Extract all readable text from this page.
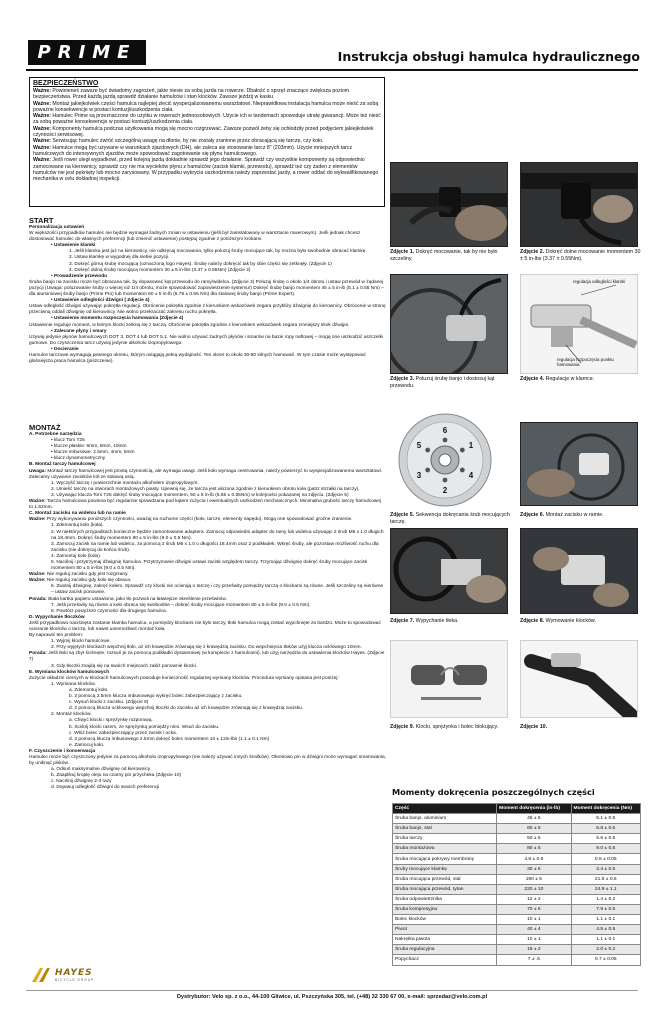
PRIME	Instrukcja obsługi hamulca hydraulicznego
BEZPIECZEŃSTWO

Ważne: Powinieneś zawsze być świadomy zagrożeń, jakie niesie za sobą jazda na rowerze. Dbałość o sprzęt znacząco zwiększa poziom bezpieczeństwa. Przed każdą jazdą sprawdź działanie hamulców i stan klocków. Zawsze jeździj w kasku.

Ważne: Montaż jakiejkolwiek części hamulca najlepiej zlecić wyspecjalizowanemu warsztatowi. Nieprawidłowa instalacja hamulca może nieść za sobą poważne konsekwencje w postaci kontuzji/uszkodzenia ciała.

Ważne: Hamulec Prime są przeznaczone do użytku w rowerach jednoosobowych. Użycie ich w tandemach spowoduje utratę gwarancji. Może też nieść za sobą poważne konsekwencje w postaci kontuzji/uszkodzenia ciała.

Ważne: Komponenty hamulca podczas użytkowania mogą się mocno rozgrzewać. Zawsze pozwól żeby się ochłodziły przed podjęciem jakiejkolwiek czynności serwisowej.

Ważne: Serwisując hamulec zwróć szczególną uwagę na dłonie, by nie zostały zranione przez obracającą się tarczę, czy koło.

Ważne: Hamulce mogą być używane w warunkach zjazdowych (DH), ale zaleca się stosowanie tarcz 8" (203mm). Użycie mniejszych tarcz hamulcowych do intensywnych zjazdów może spowodować zagotowanie się płynu hamulcowego.

Ważne: Jeśli rower uległ wypadkowi, przed kolejną jazdą dokładnie sprawdź jego działanie. Sprawdź czy wszystkie komponenty są odpowiednio zamocowane na kierownicy, sprawdź czy nie ma wycieków płynu z hamulców (zacisk klamki, przewodu), sprawdź też czy żaden z elementów hamulców nie jest pęknięty lub mocno zarysowany. W przypadku wykrycia uszkodzenia należy zaprzestać jazdy, a rower oddać do wykwalifikowanego mechanika w celu dokładnej inspekcji.

START

Personalizacja ustawień

W większości przypadków hamulec nie będzie wymagał żadnych zmian w ustawieniu (jeśli był zainstalowany w warsztacie rowerowym). Jeśli jednak chcesz dostosować hamulec do własnych preferencji (lub zmienić ustawienie) postępuj zgodnie z poniższym krokami.

• Ustawienie klamki

1. Jeśli klamka jest już na kierownicy, nie odkręcaj mocowania, tylko poluzuj śruby mocujące tak, by można było swobodnie obracać klamkę.

2. Ustaw klamkę w wygodnej dla siebie pozycji.

3. Dokręć górną śrubę mocującą (oznaczoną logo Hayes). Śrubę należy dokręcić tak by obie części się zetknęły. (Zdjęcie 1)

4. Dokręć dolną śrubę mocującą momentem 30 ± 5 in-lbs (3.37 ± 0.55Nm) (Zdjęcie 2)

• Prowadzenie przewodu

Śruba banjo na zacisku może być obracana tak, by dopasować kąt przewodu do ramy/widelca. (Zdjęcie 3) Poluzuj śrubę o około 1/4 obrotu i ustaw przewód w żądanej pozycji (Uwaga: poluzowanie śruby o więcej niż 1/4 obrotu, może spowodować zapowietrzenie systemu!) Dokręć śrubę banjo momentem 45 ± 5 in-lb (5.1 ± 0.55 Nm) – dla aluminiowej śruby banjo (Prime Pro) lub momentem 60 ± 5 in-lb (6.78 ± 0.55 Nm) dla stalowej śruby banjo (Prime Expert).

• Ustawienie odległości dźwigni ( Zdjęcie 4)

Ustaw odległość dźwigni używając pokrętła regulacji. Obrócenie pokrętła zgodnie z kierunkiem wskazówek zegara przybliży dźwignię do kierownicy. Obrócenie w stronę przeciwną oddali dźwignię od kierownicy. Nie wolno przekraczać zakresu ruchu pokrętła.

• Ustawienie momentu rozpoczęcia hamowania (Zdjęcie 4)

Ustawienie reguluje moment, w którym klocki zetkną się z tarczą. Obrócenie pokrętła zgodnie z kierunkiem wskazówek zegara zmniejszy skok dźwigni.

• Zalecane płyny i smary

Używaj jedynie płynów hamulcowych DOT 3, DOT 4 lub DOT 5.1. Nie wolno używać żadnych płynów i smarów na bazie ropy naftowej – mogą one uszkodzić uszczelki gumowe. Do czyszczenia tarcz używaj jedynie alkoholu izopropylowego.

• Docieranie

Hamulce tarczowe wymagają pewnego okresu, którym osiągają pełną wydajność. Ten okres to około 30-50 silnych hamowań. W tym czasie może występować głośniejsza praca hamulca (piszczenie).

MONTAŻ

A. Potrzebne narzędzia

• klucz Torx T25

• klucze płaskie: 6mm, 8mm, 10mm

• klucze imbusowe: 2.5mm, 4mm, 5mm

• klucz dynamometryczny

B. Montaż tarczy hamulcowej

Uwaga: Montaż tarczy hamulcowej jest prostą czynnością, ale wymaga uwagi. Jeśli koło wymaga centrowania, należy powierzyć to wyspecjalizowanemu warsztatowi. Zalecamy używanie zacisków kół ze stalową osią.

1. Wyczyść tarczę i powierzchnie montażu alkoholem izopropylowym.

2. Umieść tarczę na otworach montażowych piasty. Upewnij się, że tarcza jest ułożona zgodnie z kierunkiem obrotu koła (patrz strzałki na tarczy).

3. Używając klucza Torx T25 dokręć śruby mocujące momentem, 50 ± 5 in-lb (5.65 ± 0.55Nm) w kolejności pokazanej na zdjęciu. (Zdjęcie 5)

Ważne: Tarcza hamulcowa powinna być regularnie sprawdzana pod kątem zużycia i ewentualnych uszkodzeń mechanicznych. Minimalna grubość tarczy hamulcowej to 1.52mm.

C. Montaż zacisku na widelcu lub na ramie

Ważne: Przy wykonywaniu poniższych czynności, uważaj na ruchome części (koło, tarcze, elementy napędu). Mogą one spowodować groźne zranienie.

1. Zdemontuj koło (koła).

2. W niektórych przypadkach konieczne będzie zamontowanie adaptera. Zamocuj odpowiedni adapter do ramy lub widelca używając 2 śrub M6 x 1.0 długich na 18.4mm. Dokręć śruby momentem 80 ± 5 in-lbs (9.0 ± 0.5 Nm).

3. Zamocuj zacisk na ramie lub widelcu, za pomocą 2 śrub M6 x 1.0 o długości 18.4mm oraz 2 podkładek. Wkręć śruby, ale pozostaw możliwość ruchu dla zacisku (nie dokręcaj do końca śrub).

4. Zamontuj koło (koła).

5. Naciśnij i przytrzymaj dźwignię hamulca. Przytrzymanie dźwigni ustawi zacisk względem tarczy. Trzymając dźwignię dokręć śruby mocujące zacisk momentem 80 ± 5 in-lbs (9.0 ± 0.5 Nm).

Ważne: Nie reguluj zacisku gdy jest rozgrzany.

Ważne: Nie reguluj zacisku gdy koło się obraca.

6. Zwolnij dźwignię, zakręć kołem. Sprawdź czy klocki nie ocierają o tarczę i czy prześwity pomiędzy tarczą o klockami są równe. Jeśli szczeliny są nierówne – ustaw zacisk ponownie.

Porada: Biała kartka papieru ustawiona, jako tło pozwoli na łatwiejsze określenie prześwitów.

7. Jeśli prześwity są równe a koło obraca się swobodnie – dokręć śruby mocujące momentem 80 ± 5 in-lbs (9.0 ± 0.5 Nm).

8. Powtórz powyższe czynności dla drugiego hamulca.

D. Wypychanie tłoczków

Jeśli przypadkowo naciśnięta zostanie klamka hamulca, a pomiędzy klockami nie było tarczy, tłoki hamulca mogą zostać wypchnięte za bardzo. Może to spowodować ocieranie klocków o tarczę, lub nawet uniemożliwić montaż koła.

By naprawić ten problem:

1. Wyjmij klocki hamulcowe.

2. Przy wyjętych klockach wepchnij tłoki, aż ich krawędzie zrównają się z krawędzią zacisku. Do wepchnięcia tłoków użyj klucza ocklowego 10mm.

Porada: Jeśli tłoki są zbyt ściśnięte, rozsuń je za pomocą podkładki dystansowej (w komplecie z hamulcami), lub użyj narzędzia do ustawienia klocków Hayes. (Zdjęcie 7)

3. Gdy tłoczki znajdą się na swoich miejscach załóż ponownie klocki.

E. Wymiana klocków hamulcowych

Zużycie okładzin ciernych w klockach hamulcowych powoduje konieczność regularnej wymiany klocków. Procedura wymiany opisana jest poniżej:

1. Wymiana klocków.

a. Zdemontuj koło.

b. 2 pomocą 2.5mm klucza imbusowego wykręć bolec zabezpieczający z zacisku.

c. Wysuń klocki z zacisku. (Zdjęcie 8)

d. 2 pomocą klucza ocklowego wepchnij tłoczki do zacisku aż ich krawędzie zrównają się z krawędzią zacisku.

2. Montaż klocków.

a. Chwyć klocki i sprężynkę rozporową.

b. Ściśnij klocki razem, ze sprężynką pomiędzy nimi. Wsuń do zacisku.

c. Włóż bolec zabezpieczający przez zacisk i ocka.

d. 2 pomocą klucza imbusowego 2.5mm dokręć bolec momentem 10 ± 12in-lbs (1.1 ± 0.1 Nm)

e. Zamocuj koło.

F. Czyszczenie i konserwacja

Hamulec może być czyszczony jedynie za pomocą alkoholu izopropylowego (nie należy używać innych środków). Okresowo pin w dźwigni może wymagać smarowania, by uniknąć pisków.

a. Odsuń maksymalnie dźwignię od kierownicy

b. Zaaplikuj kroplę oleju na czarny pin przycheka (Zdjęcie 10)

c. Naciśnij dźwignię 2-3 razy

d. Dopasuj odległość dźwigni do swoich preferencji

Zdjęcie 1. Dokręć mocowanie, tak by nie było szczeliny.
Zdjęcie 2. Dokręć dolne mocowanie momentem 30 ± 5 in-lbs (3.37 ± 0.55Nm).
regulacja odległości klamki
regulacja rozpoczęcia punktu hamowania
Zdjęcie 3. Poluzuj śrubę banjo i dostosuj kąt przewodu.
Zdjęcie 4. Regulacje w klamce.
6
1
4
2
3
5
Zdjęcie 5. Sekwencja dokręcania śrub mocujących tarczę.
Zdjęcie 6. Montaż zacisku w ramie.
Zdjęcie 7. Wypychanie tłoka.	Zdjęcie 8. Wymowanie klocków.
Zdjęcie 9. Klocki, sprężynka i bolec blokujący.	Zdjęcie 10.
Momenty dokręcenia poszczególnych części
Część	Moment dokręcenia (in-lb)	Moment dokręcenia (Nm)
Śruba banjo, aluminium	45 ± 5	5.1 ± 0.5
Śruba banjo, stal	60 ± 5	6.8 ± 0.5
Śruba tarczy	50 ± 5	5.6 ± 0.5
Śruba montażowa	80 ± 5	9.0 ± 0.5
Śruba mocująca pokrywy membrany	4.8 ± 0.5	0.5 ± 0.05
Śruby mocujące klamkę	30 ± 5	3.4 ± 0.5
Śruba mocująca przewód, stal	190 ± 5	21.5 ± 0.5
Śruba mocująca przewód, tytan	220 ± 10	24.9 ± 1.1
Śruba odpowietrznika	12 ± 2	1.4 ± 0.2
Śruba kompresyjna	70 ± 5	7.9 ± 0.5
Bolec klocków	10 ± 1	1.1 ± 0.1
Piwot	40 ± 4	4.5 ± 0.5
Nakrętka piwota	10 ± 1	1.1 ± 0.1
Śruba regulacyjna	18 ± 2	2.0 ± 0.2
Popychacz	7 ± .5	0.7 ± 0.05
HAYES
BICYCLE GROUP
Dystrybutor: Velo sp. z o.o., 44-100 Gliwice, ul. Pszczyńska 305, tel. (+48) 32 330 67 00, e-mail: sprzedaz@velo.com.pl
